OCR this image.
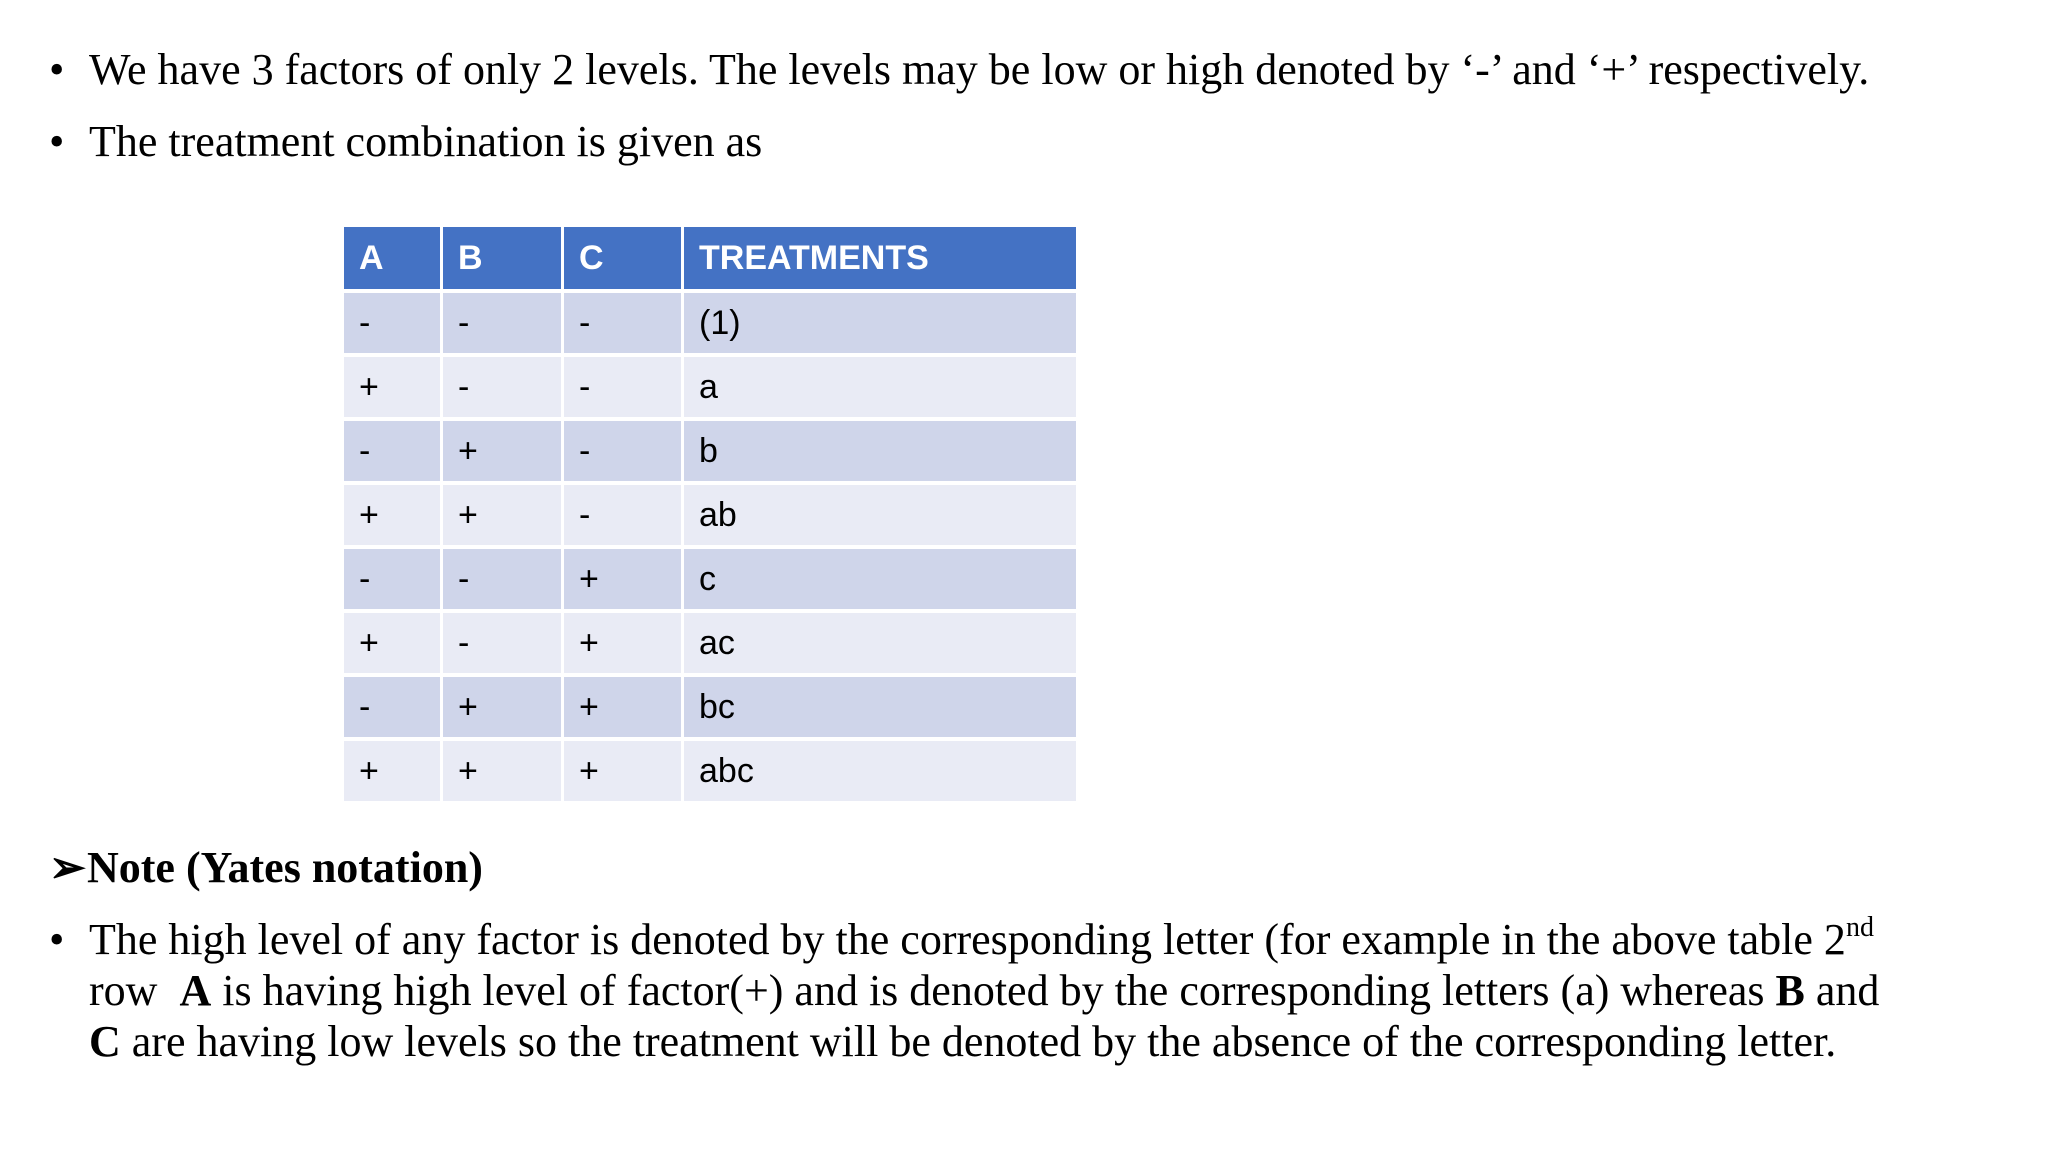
• We have 3 factors of only 2 levels. The levels may be low or high denoted by ‘-’ and ‘+’ respectively.
• The treatment combination is given as
A	B	C	TREATMENTS
-	-	-	(1)
+	-	-	a
-	+	-	b
+	+	-	ab
-	-	+	c
+	-	+	ac
-	+	+	bc
+	+	+	abc
➢Note (Yates notation)
• The high level of any factor is denoted by the corresponding letter (for example in the above table 2nd
row  A is having high level of factor(+) and is denoted by the corresponding letters (a) whereas B and
C are having low levels so the treatment will be denoted by the absence of the corresponding letter.
